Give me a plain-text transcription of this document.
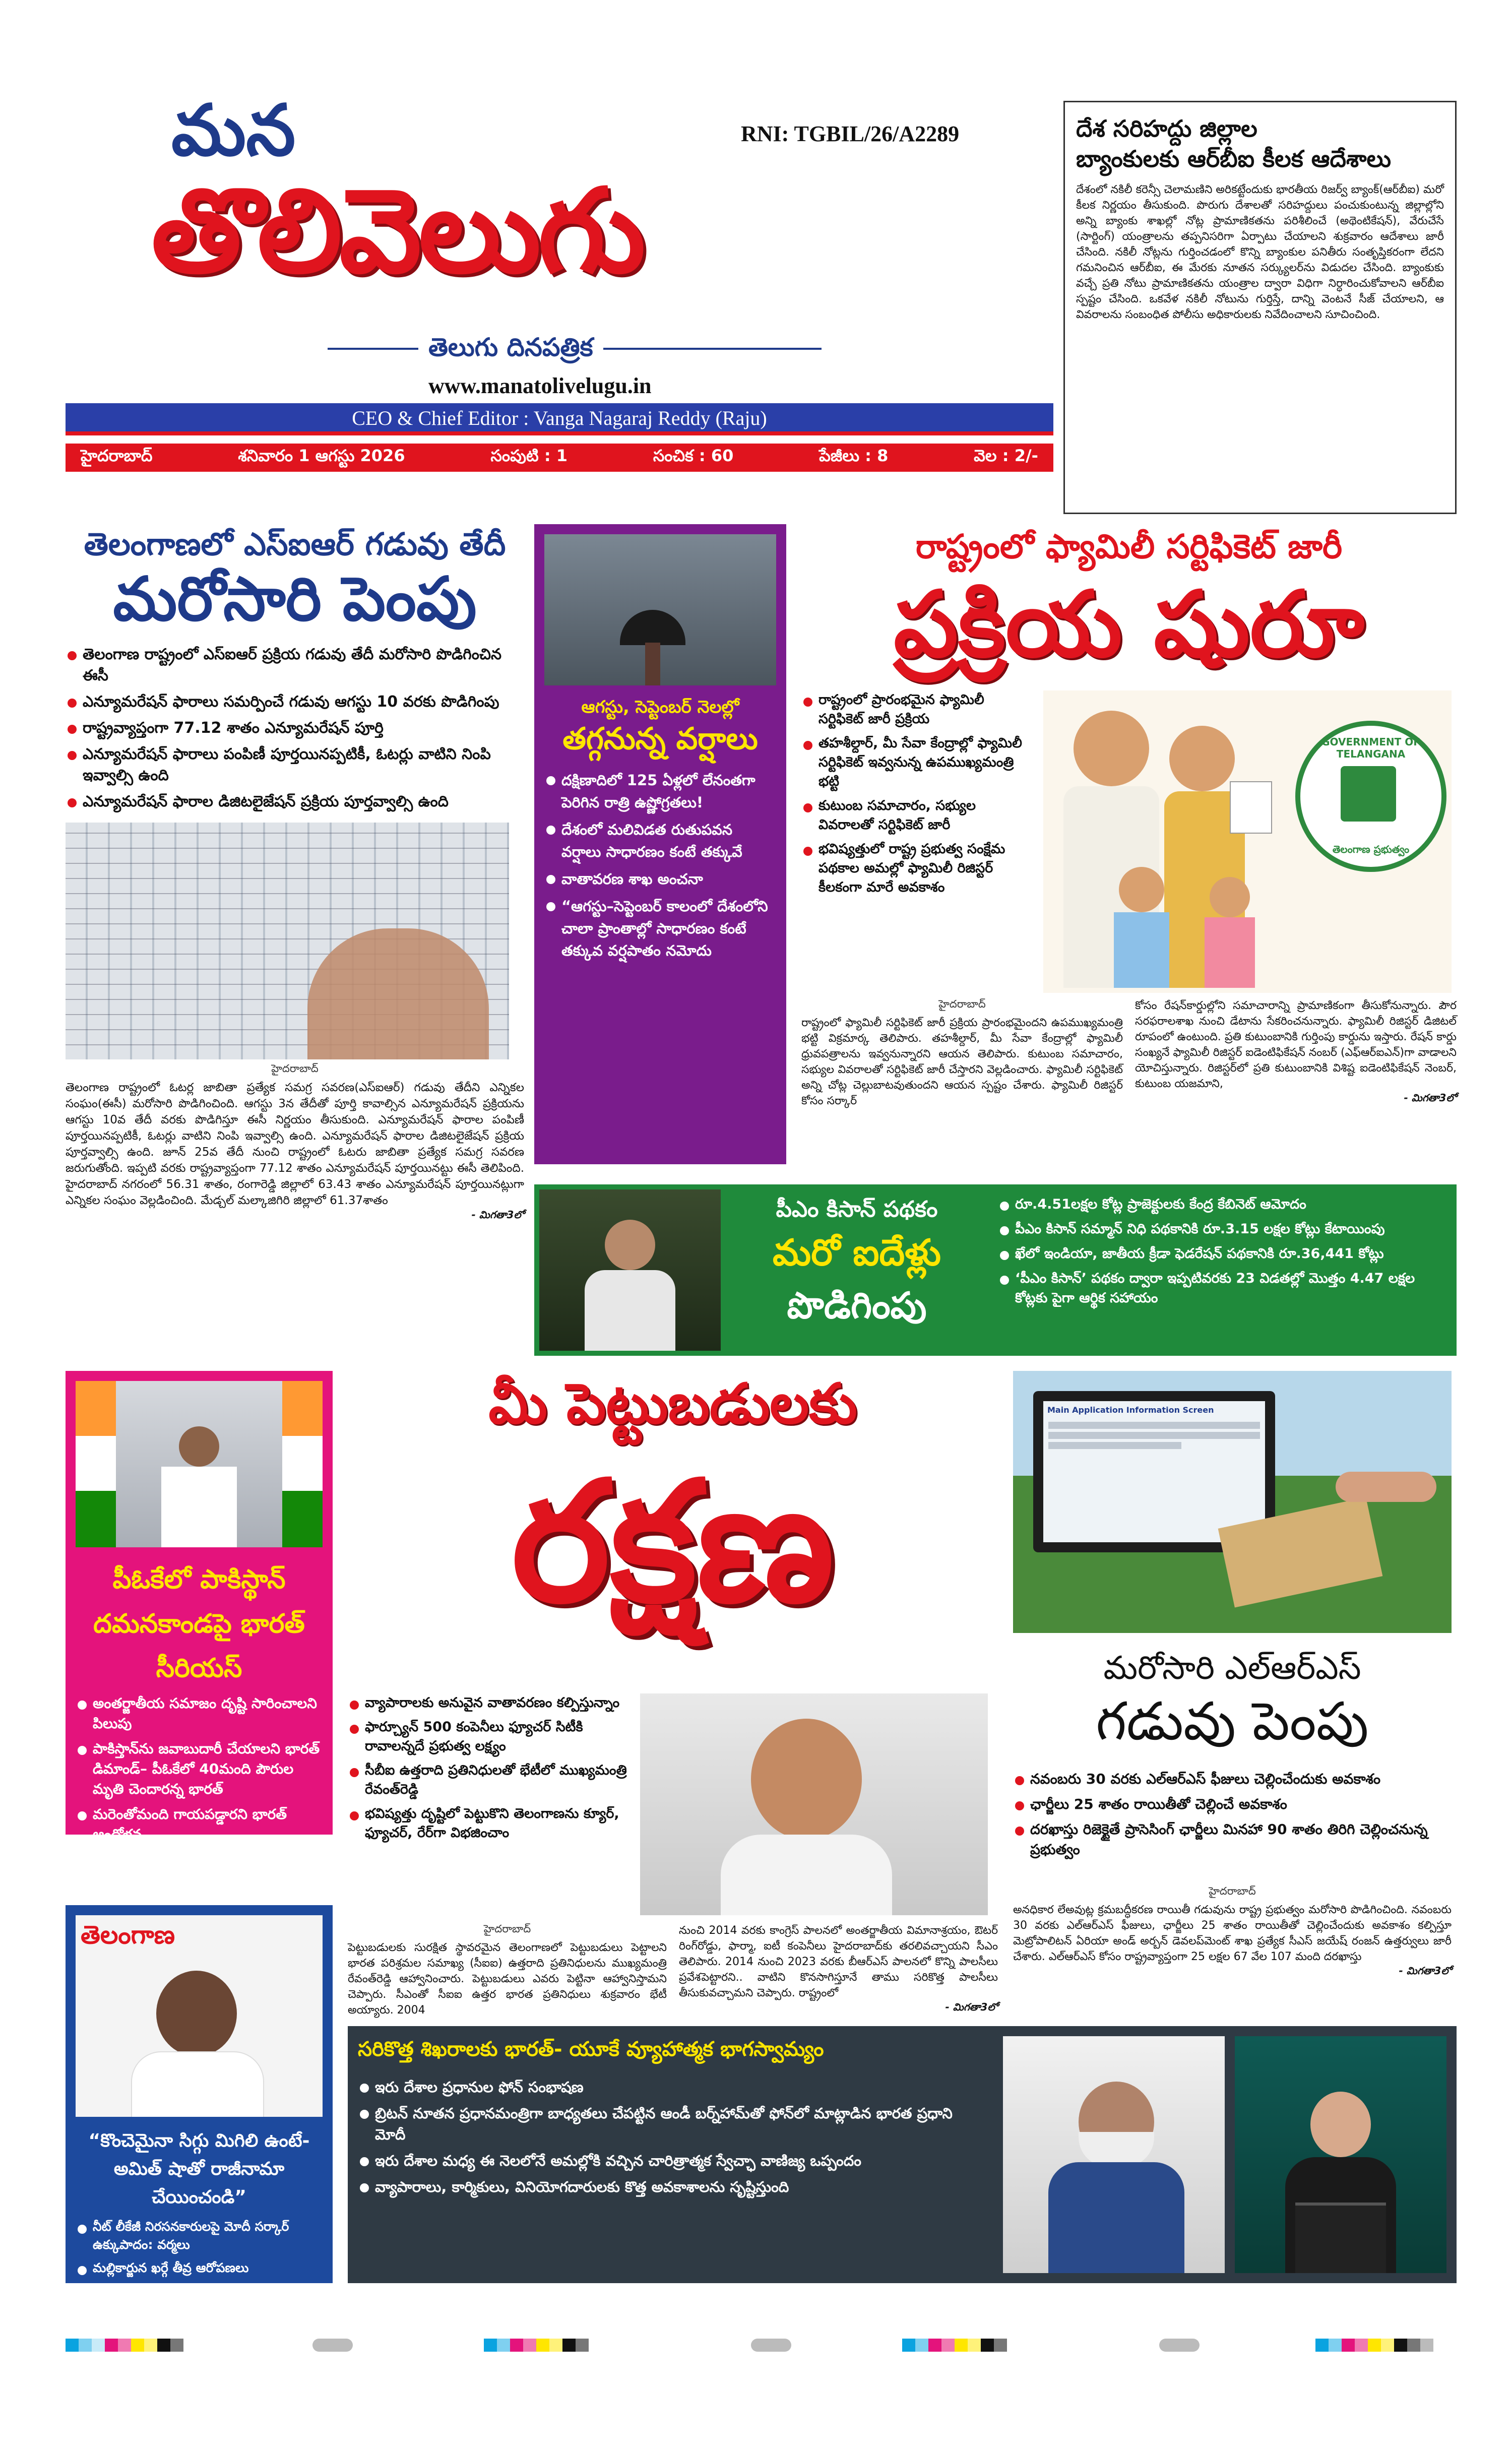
మన	RNI: TGBIL/26/A2289
తొలివెలుగు
తెలుగు దినపత్రిక
www.manatolivelugu.in
CEO & Chief Editor : Vanga Nagaraj Reddy (Raju)
హైదరాబాద్	శనివారం 1 ఆగస్టు 2026	సంపుటి : 1	సంచిక : 60	పేజీలు : 8	వెల : 2/-
దేశ సరిహద్దు జిల్లాల
బ్యాంకులకు ఆర్‌బీఐ కీలక ఆదేశాలు
దేశంలో నకిలీ కరెన్సీ చెలామణిని అరికట్టేందుకు భారతీయ రిజర్వ్ బ్యాంక్(ఆర్‌బీఐ) మరో కీలక నిర్ణయం తీసుకుంది. పొరుగు దేశాలతో సరిహద్దులు పంచుకుంటున్న జిల్లాల్లోని అన్ని బ్యాంకు శాఖల్లో నోట్ల ప్రామాణికతను పరిశీలించే (అథెంటికేషన్), వేరుచేసే (సార్టింగ్) యంత్రాలను తప్పనిసరిగా ఏర్పాటు చేయాలని శుక్రవారం ఆదేశాలు జారీ చేసింది. నకిలీ నోట్లను గుర్తించడంలో కొన్ని బ్యాంకుల పనితీరు సంతృప్తికరంగా లేదని గమనించిన ఆర్‌బీఐ, ఈ మేరకు నూతన సర్క్యులర్‌ను విడుదల చేసింది. బ్యాంకుకు వచ్చే ప్రతి నోటు ప్రామాణికతను యంత్రాల ద్వారా విధిగా నిర్ధారించుకోవాలని ఆర్‌బీఐ స్పష్టం చేసింది. ఒకవేళ నకిలీ నోటును గుర్తిస్తే, దాన్ని వెంటనే సీజ్‌ చేయాలని, ఆ వివరాలను సంబంధిత పోలీసు అధికారులకు నివేదించాలని సూచించింది.
తెలంగాణలో ఎస్‌ఐఆర్ గడువు తేదీ
మరోసారి పెంపు
తెలంగాణ రాష్ట్రంలో ఎస్‌ఐఆర్ ప్రక్రియ గడువు తేదీ మరోసారి పొడిగించిన ఈసీ
ఎన్యూమరేషన్ ఫారాలు సమర్పించే గడువు ఆగస్టు 10 వరకు పొడిగింపు
రాష్ట్రవ్యాప్తంగా 77.12 శాతం ఎన్యూమరేషన్ పూర్తి
ఎన్యూమరేషన్ ఫారాలు పంపిణీ పూర్తయినప్పటికీ, ఓటర్లు వాటిని నింపి ఇవ్వాల్సి ఉంది
ఎన్యూమరేషన్ ఫారాల డిజిటలైజేషన్ ప్రక్రియ పూర్తవ్వాల్సి ఉంది
హైదరాబాద్
తెలంగాణ రాష్ట్రంలో ఓటర్ల జాబితా ప్రత్యేక సమగ్ర సవరణ(ఎస్‌ఐఆర్) గడువు తేదీని ఎన్నికల సంఘం(ఈసీ) మరోసారి పొడిగించింది. ఆగస్టు 3న తేదీతో పూర్తి కావాల్సిన ఎన్యూమరేషన్ ప్రక్రియను ఆగస్టు 10వ తేదీ వరకు పొడిగిస్తూ ఈసీ నిర్ణయం తీసుకుంది. ఎన్యూమరేషన్ ఫారాల పంపిణీ పూర్తయినప్పటికీ, ఓటర్లు వాటిని నింపి ఇవ్వాల్సి ఉంది. ఎన్యూమరేషన్ ఫారాల డిజిటలైజేషన్ ప్రక్రియ పూర్తవ్వాల్సి ఉంది. జూన్ 25వ తేదీ నుంచి రాష్ట్రంలో ఓటరు జాబితా ప్రత్యేక సమగ్ర సవరణ జరుగుతోంది. ఇప్పటి వరకు రాష్ట్రవ్యాప్తంగా 77.12 శాతం ఎన్యూమరేషన్ పూర్తయినట్టు ఈసీ తెలిపింది. హైదరాబాద్ నగరంలో 56.31 శాతం, రంగారెడ్డి జిల్లాలో 63.43 శాతం ఎన్యూమరేషన్ పూర్తయినట్లుగా ఎన్నికల సంఘం వెల్లడించింది. మేడ్చల్ మల్కాజిగిరి జిల్లాలో 61.37శాతం
- మిగతా3లో
ఆగస్టు, సెప్టెంబర్ నెలల్లో
తగ్గనున్న వర్షాలు
దక్షిణాదిలో 125 ఏళ్లలో లేనంతగా పెరిగిన రాత్రి ఉష్ణోగ్రతలు!
దేశంలో మలివిడత రుతుపవన వర్షాలు సాధారణం కంటే తక్కువే
వాతావరణ శాఖ అంచనా
“ఆగస్టు–సెప్టెంబర్ కాలంలో దేశంలోని చాలా ప్రాంతాల్లో సాధారణం కంటే తక్కువ వర్షపాతం నమోదు
రాష్ట్రంలో ఫ్యామిలీ సర్టిఫికెట్ జారీ
ప్రక్రియ షురూ
రాష్ట్రంలో ప్రారంభమైన ఫ్యామిలీ సర్టిఫికెట్ జారీ ప్రక్రియ
తహశీల్దార్, మీ సేవా కేంద్రాల్లో ఫ్యామిలీ సర్టిఫికెట్ ఇవ్వనున్న ఉపముఖ్యమంత్రి భట్టి
కుటుంబ సమాచారం, సభ్యుల వివరాలతో సర్టిఫికెట్ జారీ
భవిష్యత్తులో రాష్ట్ర ప్రభుత్వ సంక్షేమ పథకాల అమల్లో ఫ్యామిలీ రిజిస్టర్ కీలకంగా మారే అవకాశం
GOVERNMENT OF TELANGANA
తెలంగాణ ప్రభుత్వం
హైదరాబాద్
రాష్ట్రంలో ఫ్యామిలీ సర్టిఫికెట్ జారీ ప్రక్రియ ప్రారంభమైందని ఉపముఖ్యమంత్రి భట్టి విక్రమార్క తెలిపారు. తహశీల్దార్, మీ సేవా కేంద్రాల్లో ఫ్యామిలీ ధ్రువపత్రాలను ఇవ్వనున్నారని ఆయన తెలిపారు. కుటుంబ సమాచారం, సభ్యుల వివరాలతో సర్టిఫికెట్ జారీ చేస్తారని వెల్లడించారు. ఫ్యామిలీ సర్టిఫికెట్ అన్ని చోట్ల చెల్లుబాటవుతుందని ఆయన స్పష్టం చేశారు. ఫ్యామిలీ రిజిస్టర్ కోసం సర్కార్
కోసం రేషన్‌కార్డుల్లోని సమాచారాన్ని ప్రామాణికంగా తీసుకోనున్నారు. పౌర సరఫరాలశాఖ నుంచి డేటాను సేకరించనున్నారు. ఫ్యామిలీ రిజిస్టర్ డిజిటల్ రూపంలో ఉంటుంది. ప్రతి కుటుంబానికి గుర్తింపు కార్డును ఇస్తారు. రేషన్ కార్డు సంఖ్యనే ఫ్యామిలీ రిజిస్టర్ ఐడెంటిఫికేషన్ నంబర్ (ఎఫ్ఆర్ఐఎన్)గా వాడాలని యోచిస్తున్నారు. రిజిస్టర్‌లో ప్రతి కుటుంబానికి విశిష్ట ఐడెంటిఫికేషన్ నెంబర్, కుటుంబ యజమాని,
- మిగతా3లో
పీఎం కిసాన్ పథకం
మరో ఐదేళ్లు
పొడిగింపు
రూ.4.51లక్షల కోట్ల ప్రాజెక్టులకు కేంద్ర కేబినెట్ ఆమోదం
పీఎం కిసాన్ సమ్మాన్ నిధి పథకానికి రూ.3.15 లక్షల కోట్లు కేటాయింపు
ఖేలో ఇండియా, జాతీయ క్రీడా ఫెడరేషన్ పథకానికి రూ.36,441 కోట్లు
‘పీఎం కిసాన్’ పథకం ద్వారా ఇప్పటివరకు 23 విడతల్లో మొత్తం 4.47 లక్షల కోట్లకు పైగా ఆర్థిక సహాయం
పీఓకేలో పాకిస్థాన్ దమనకాండపై భారత్ సీరియస్
అంతర్జాతీయ సమాజం దృష్టి సారించాలని పిలుపు
పాకిస్తాన్‌ను జవాబుదారీ చేయాలని భారత్ డిమాండ్– పీఓకేలో 40మంది పౌరుల మృతి చెందారన్న భారత్
మరెంతోమంది గాయపడ్డారని భారత్ ఆందోళన
మీ పెట్టుబడులకు
రక్షణ
వ్యాపారాలకు అనువైన వాతావరణం కల్పిస్తున్నాం
ఫార్చ్యూన్ 500 కంపెనీలు ఫ్యూచర్ సిటీకి రావాలన్నదే ప్రభుత్వ లక్ష్యం
సీబీఐ ఉత్తరాది ప్రతినిధులతో భేటీలో ముఖ్యమంత్రి రేవంత్‌రెడ్డి
భవిష్యత్తు దృష్టిలో పెట్టుకొని తెలంగాణను క్యూర్, ఫ్యూచర్, రేర్‌గా విభజించాం
హైదరాబాద్
పెట్టుబడులకు సురక్షిత స్థావరమైన తెలంగాణలో పెట్టుబడులు పెట్టాలని భారత పరిశ్రమల సమాఖ్య (సీఐఐ) ఉత్తరాది ప్రతినిధులను ముఖ్యమంత్రి రేవంత్‌రెడ్డి ఆహ్వానించారు. పెట్టుబడులు ఎవరు పెట్టినా ఆహ్వానిస్తామని చెప్పారు. సీఎంతో సీఐఐ ఉత్తర భారత ప్రతినిధులు శుక్రవారం భేటీ అయ్యారు. 2004
నుంచి 2014 వరకు కాంగ్రెస్ పాలనలో అంతర్జాతీయ విమానాశ్రయం, ఔటర్ రింగ్‌రోడ్డు, ఫార్మా, ఐటీ కంపెనీలు హైదరాబాద్‌కు తరలివచ్చాయని సీఎం తెలిపారు. 2014 నుంచి 2023 వరకు బీఆర్ఎస్ పాలనలో కొన్ని పాలసీలు ప్రవేశపెట్టారని.. వాటిని కొనసాగిస్తూనే తాము సరికొత్త పాలసీలు తీసుకువచ్చామని చెప్పారు. రాష్ట్రంలో
- మిగతా3లో
Main Application Information Screen
మరోసారి ఎల్‌ఆర్‌ఎస్
గడువు పెంపు
నవంబరు 30 వరకు ఎల్‌ఆర్‌ఎస్ ఫీజులు చెల్లించేందుకు అవకాశం
ఛార్జీలు 25 శాతం రాయితీతో చెల్లించే అవకాశం
దరఖాస్తు రిజెక్టైతే ప్రాసెసింగ్ ఛార్జీలు మినహా 90 శాతం తిరిగి చెల్లించనున్న ప్రభుత్వం
హైదరాబాద్
అనధికార లేఅవుట్ల క్రమబద్ధీకరణ రాయితీ గడువును రాష్ట్ర ప్రభుత్వం మరోసారి పొడిగించింది. నవంబరు 30 వరకు ఎల్‌ఆర్‌ఎస్ ఫీజులు, ఛార్జీలు 25 శాతం రాయితీతో చెల్లించేందుకు అవకాశం కల్పిస్తూ మెట్రోపాలిటన్ ఏరియా అండ్ అర్బన్ డెవలప్‌మెంట్ శాఖ ప్రత్యేక సీఎస్ జయేష్ రంజన్ ఉత్తర్వులు జారీ చేశారు. ఎల్‌ఆర్‌ఎస్ కోసం రాష్ట్రవ్యాప్తంగా 25 లక్షల 67 వేల 107 మంది దరఖాస్తు
- మిగతా3లో
తెలంగాణ
“కొంచెమైనా సిగ్గు మిగిలి ఉంటే- అమిత్ షాతో రాజీనామా చేయించండి”
నీట్ లీకేజీ నిరసనకారులపై మోదీ సర్కార్ ఉక్కుపాదం: వర్మలు
మల్లికార్జున ఖర్గే తీవ్ర ఆరోపణలు
సరికొత్త శిఖరాలకు భారత్- యూకే వ్యూహాత్మక భాగస్వామ్యం
ఇరు దేశాల ప్రధానుల ఫోన్ సంభాషణ
బ్రిటన్ నూతన ప్రధానమంత్రిగా బాధ్యతలు చేపట్టిన ఆండీ బర్న్‌హామ్‌తో ఫోన్‌లో మాట్లాడిన భారత ప్రధాని మోదీ
ఇరు దేశాల మధ్య ఈ నెలలోనే అమల్లోకి వచ్చిన చారిత్రాత్మక స్వేచ్ఛా వాణిజ్య ఒప్పందం
వ్యాపారాలు, కార్మికులు, వినియోగదారులకు కొత్త అవకాశాలను సృష్టిస్తుంది
